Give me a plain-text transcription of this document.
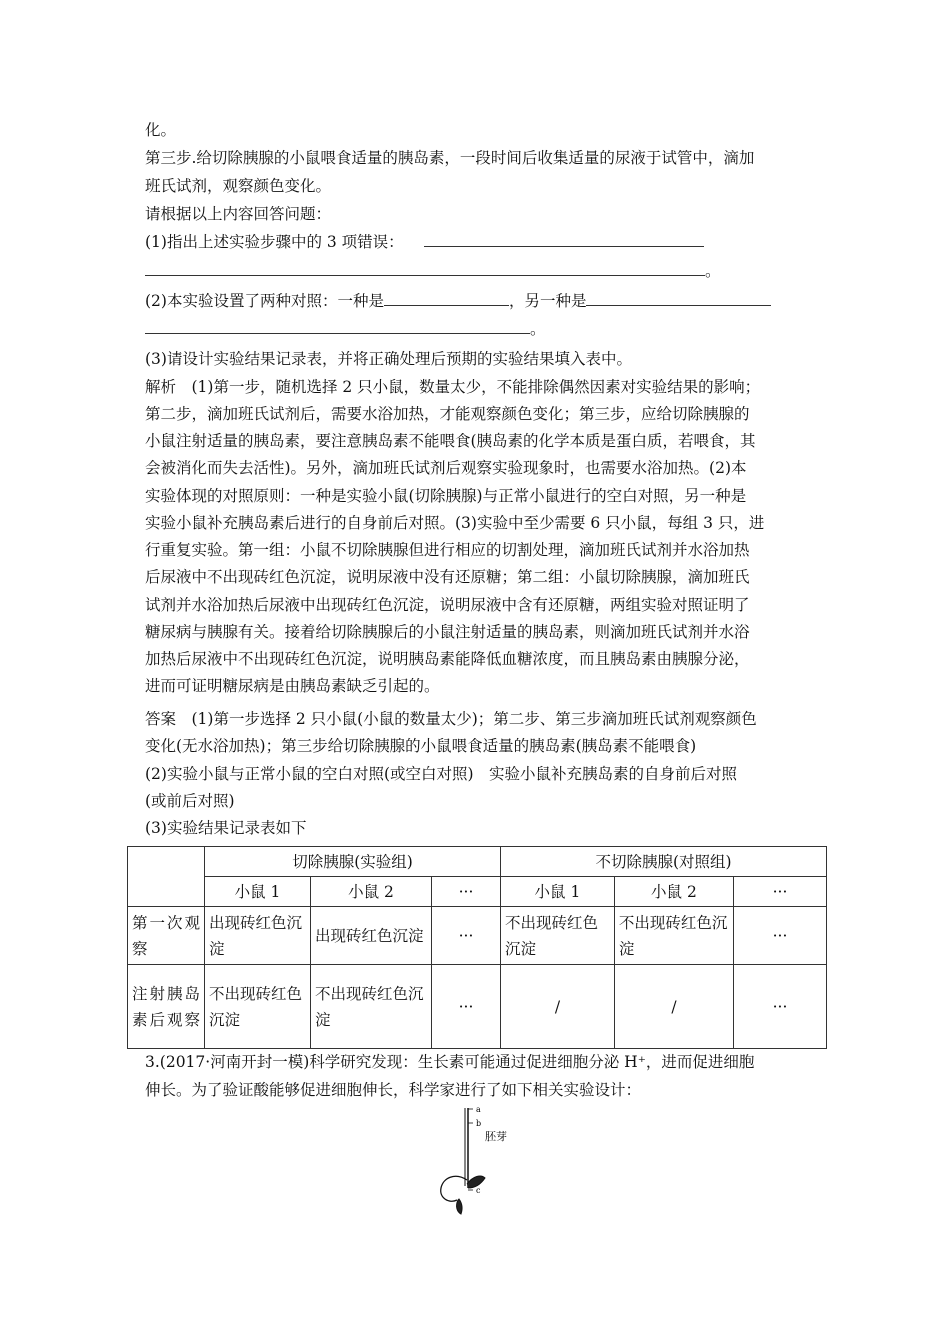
化。
第三步.给切除胰腺的小鼠喂食适量的胰岛素，一段时间后收集适量的尿液于试管中，滴加
班氏试剂，观察颜色变化。
请根据以上内容回答问题：
(1)指出上述实验步骤中的 3 项错误：
。
(2)本实验设置了两种对照：一种是	，另一种是
。
(3)请设计实验结果记录表，并将正确处理后预期的实验结果填入表中。
解析　(1)第一步，随机选择 2 只小鼠，数量太少，不能排除偶然因素对实验结果的影响；
第二步，滴加班氏试剂后，需要水浴加热，才能观察颜色变化；第三步，应给切除胰腺的
小鼠注射适量的胰岛素，要注意胰岛素不能喂食(胰岛素的化学本质是蛋白质，若喂食，其
会被消化而失去活性)。另外，滴加班氏试剂后观察实验现象时，也需要水浴加热。(2)本
实验体现的对照原则：一种是实验小鼠(切除胰腺)与正常小鼠进行的空白对照，另一种是
实验小鼠补充胰岛素后进行的自身前后对照。(3)实验中至少需要 6 只小鼠，每组 3 只，进
行重复实验。第一组：小鼠不切除胰腺但进行相应的切割处理，滴加班氏试剂并水浴加热
后尿液中不出现砖红色沉淀，说明尿液中没有还原糖；第二组：小鼠切除胰腺，滴加班氏
试剂并水浴加热后尿液中出现砖红色沉淀，说明尿液中含有还原糖，两组实验对照证明了
糖尿病与胰腺有关。接着给切除胰腺后的小鼠注射适量的胰岛素，则滴加班氏试剂并水浴
加热后尿液中不出现砖红色沉淀，说明胰岛素能降低血糖浓度，而且胰岛素由胰腺分泌，
进而可证明糖尿病是由胰岛素缺乏引起的。
答案　(1)第一步选择 2 只小鼠(小鼠的数量太少)；第二步、第三步滴加班氏试剂观察颜色
变化(无水浴加热)；第三步给切除胰腺的小鼠喂食适量的胰岛素(胰岛素不能喂食)
(2)实验小鼠与正常小鼠的空白对照(或空白对照)　实验小鼠补充胰岛素的自身前后对照
(或前后对照)
(3)实验结果记录表如下
	切除胰腺(实验组)			不切除胰腺(对照组)		
	小鼠 1	小鼠 2	···	小鼠 1	小鼠 2	···
第一次观察	出现砖红色沉淀	出现砖红色沉淀	···	不出现砖红色沉淀	不出现砖红色沉淀	···
注射胰岛素后观察	不出现砖红色沉淀	不出现砖红色沉淀	···	/	/	···
3.(2017·河南开封一模)科学研究发现：生长素可能通过促进细胞分泌 H⁺，进而促进细胞
伸长。为了验证酸能够促进细胞伸长，科学家进行了如下相关实验设计：
a
b
胚芽
c
